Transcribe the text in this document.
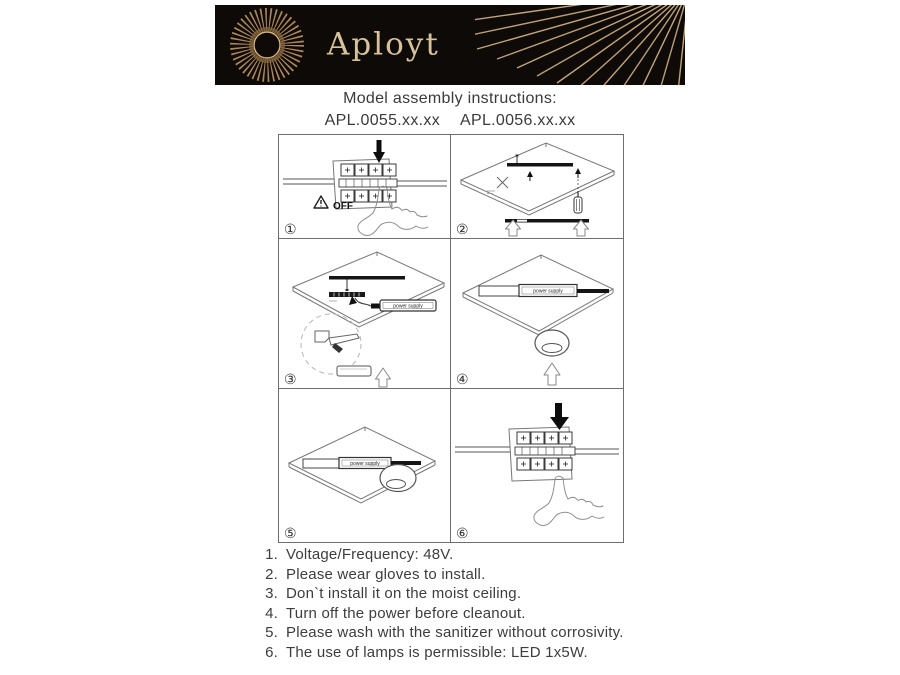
Aployt
Model assembly instructions:
APL.0055.xx.xx APL.0056.xx.xx
OFF
①	②
power supply
③
power supply
④
power supply
⑤	⑥
1. Voltage/Frequency: 48V.
2. Please wear gloves to install.
3. Don`t install it on the moist ceiling.
4. Turn off the power before cleanout.
5. Please wash with the sanitizer without corrosivity.
6. The use of lamps is permissible: LED 1x5W.
